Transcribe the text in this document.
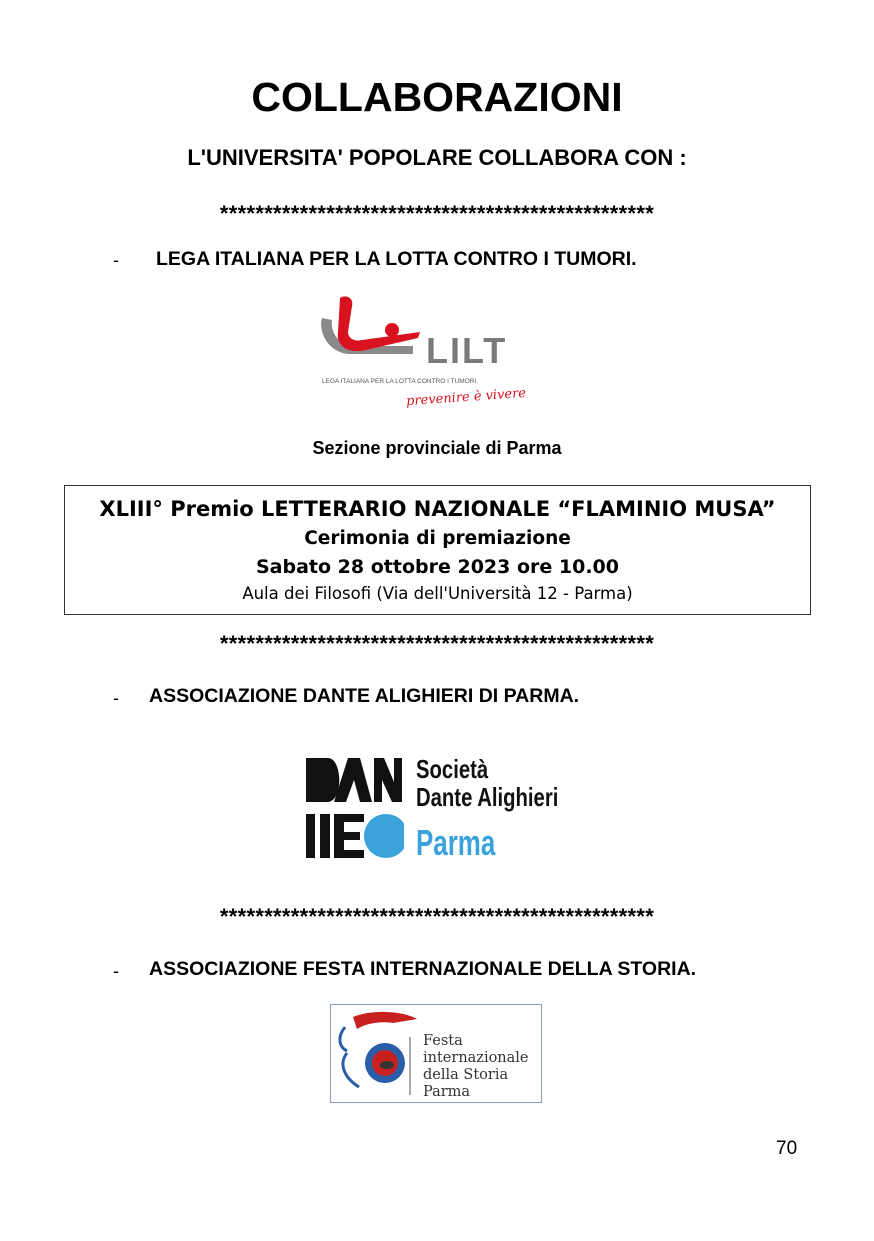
COLLABORAZIONI
L'UNIVERSITA' POPOLARE COLLABORA CON :
*************************************************
- LEGA ITALIANA PER LA LOTTA CONTRO I TUMORI.
LILT
LEGA ITALIANA PER LA LOTTA CONTRO I TUMORI
prevenire è vivere
Sezione provinciale di Parma
XLIII° Premio LETTERARIO NAZIONALE “FLAMINIO MUSA”
Cerimonia di premiazione
Sabato 28 ottobre 2023 ore 10.00
Aula dei Filosofi (Via dell'Università 12 - Parma)
*************************************************
- ASSOCIAZIONE DANTE ALIGHIERI DI PARMA.
Società
Dante Alighieri
Parma
*************************************************
- ASSOCIAZIONE FESTA INTERNAZIONALE DELLA STORIA.
Festa
internazionale
della Storia
Parma
70
